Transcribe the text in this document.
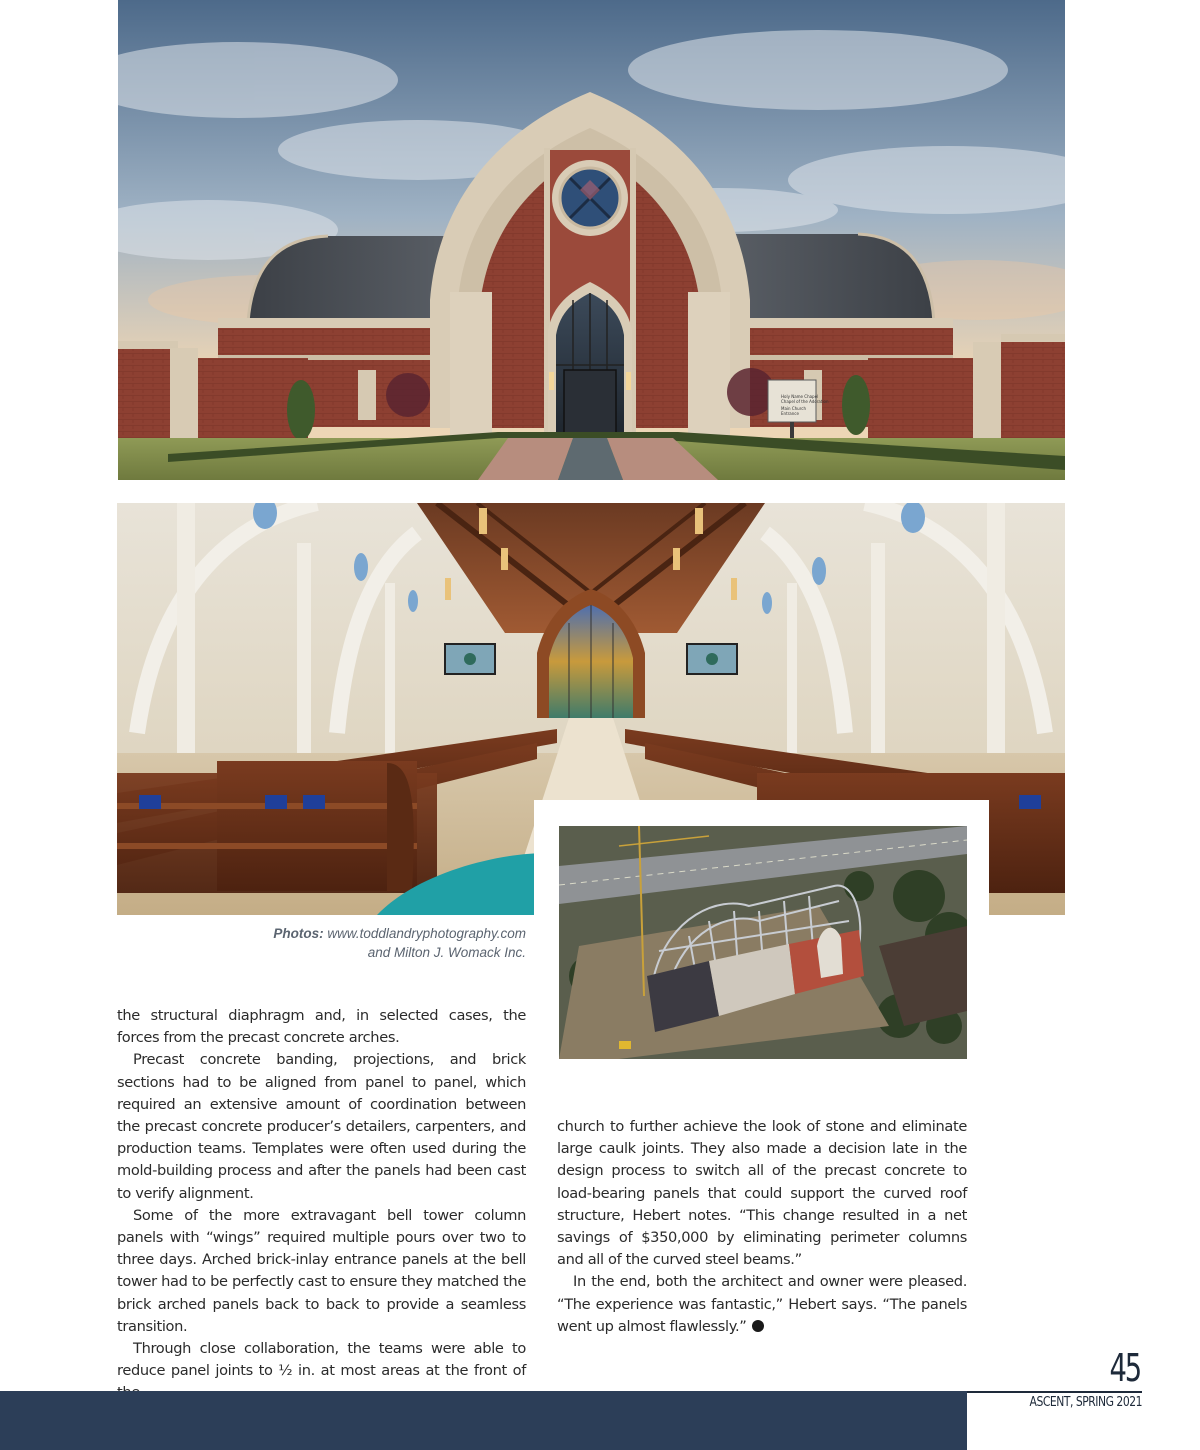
Holy Name Chapel
Chapel of the Adoration
Main Church
Entrance
Photos: www.toddlandryphotography.com
and Milton J. Womack Inc.

the structural diaphragm and, in selected cases, the forces from the precast concrete arches.

Precast concrete banding, projections, and brick sections had to be aligned from panel to panel, which required an extensive amount of coordination between the precast concrete producer’s detailers, carpenters, and production teams. Templates were often used during the mold-building process and after the panels had been cast to verify alignment.

Some of the more extravagant bell tower column panels with “wings” required multiple pours over two to three days. Arched brick-inlay entrance panels at the bell tower had to be perfectly cast to ensure they matched the brick arched panels back to back to provide a seamless transition.

Through close collaboration, the teams were able to reduce panel joints to ½ in. at most areas at the front of

church to further achieve the look of stone and eliminate large caulk joints. They also made a decision late in the design process to switch all of the precast concrete to load-bearing panels that could support the curved roof structure, Hebert notes. “This change resulted in a net savings of $350,000 by eliminating perimeter columns and all of the curved steel beams.”

In the end, both the architect and owner were pleased. “The experience was fantastic,” Hebert says. “The panels went up almost flawlessly.”

45
ASCENT, SPRING 2021
